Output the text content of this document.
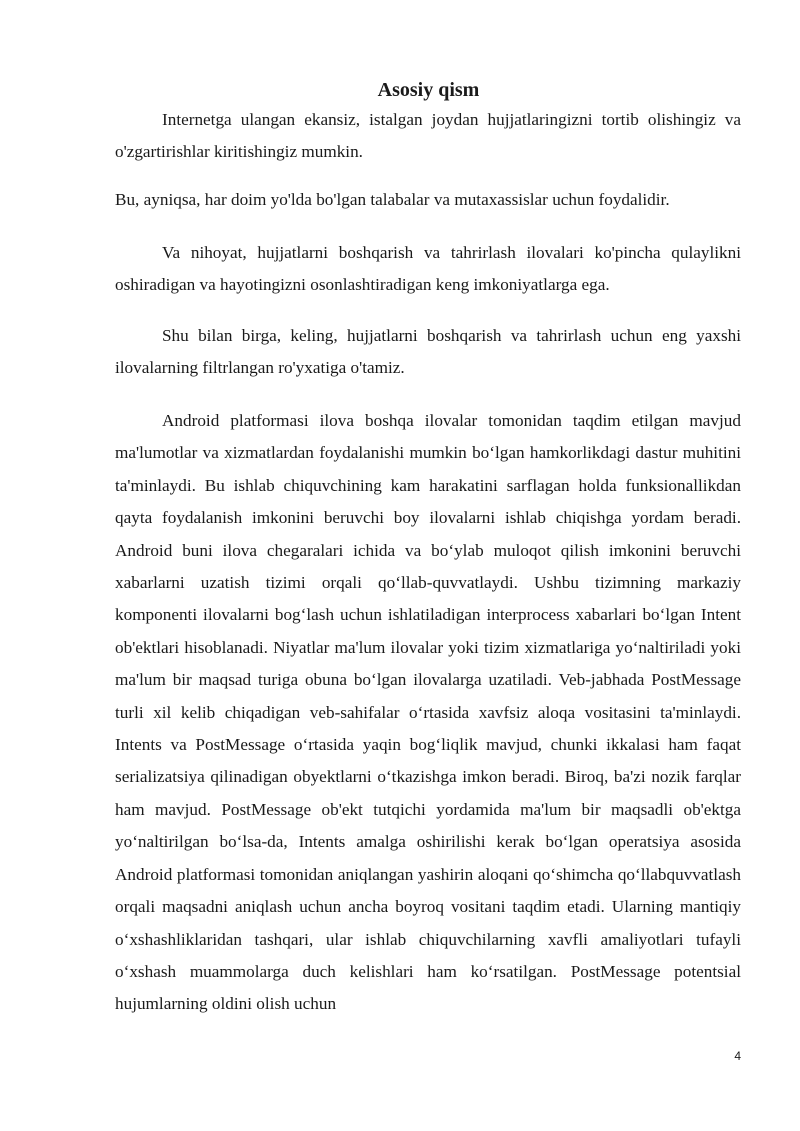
Asosiy qism

Internetga ulangan ekansiz, istalgan joydan hujjatlaringizni tortib olishingiz va o'zgartirishlar kiritishingiz mumkin.

Bu, ayniqsa, har doim yo'lda bo'lgan talabalar va mutaxassislar uchun foydalidir.

Va nihoyat, hujjatlarni boshqarish va tahrirlash ilovalari ko'pincha qulaylikni oshiradigan va hayotingizni osonlashtiradigan keng imkoniyatlarga ega.

Shu bilan birga, keling, hujjatlarni boshqarish va tahrirlash uchun eng yaxshi ilovalarning filtrlangan ro'yxatiga o'tamiz.

Android platformasi ilova boshqa ilovalar tomonidan taqdim etilgan mavjud ma'lumotlar va xizmatlardan foydalanishi mumkin bo‘lgan hamkorlikdagi dastur muhitini ta'minlaydi. Bu ishlab chiquvchining kam harakatini sarflagan holda funksionallikdan qayta foydalanish imkonini beruvchi boy ilovalarni ishlab chiqishga yordam beradi. Android buni ilova chegaralari ichida va bo‘ylab muloqot qilish imkonini beruvchi xabarlarni uzatish tizimi orqali qo‘llab-quvvatlaydi. Ushbu tizimning markaziy komponenti ilovalarni bog‘lash uchun ishlatiladigan interprocess xabarlari bo‘lgan Intent ob'ektlari hisoblanadi. Niyatlar ma'lum ilovalar yoki tizim xizmatlariga yo‘naltiriladi yoki ma'lum bir maqsad turiga obuna bo‘lgan ilovalarga uzatiladi. Veb-jabhada PostMessage turli xil kelib chiqadigan veb-sahifalar o‘rtasida xavfsiz aloqa vositasini ta'minlaydi. Intents va PostMessage o‘rtasida yaqin bog‘liqlik mavjud, chunki ikkalasi ham faqat serializatsiya qilinadigan obyektlarni o‘tkazishga imkon beradi. Biroq, ba'zi nozik farqlar ham mavjud. PostMessage ob'ekt tutqichi yordamida ma'lum bir maqsadli ob'ektga yo‘naltirilgan bo‘lsa-da, Intents amalga oshirilishi kerak bo‘lgan operatsiya asosida Android platformasi tomonidan aniqlangan yashirin aloqani qo‘shimcha qo‘llabquvvatlash orqali maqsadni aniqlash uchun ancha boyroq vositani taqdim etadi. Ularning mantiqiy o‘xshashliklaridan tashqari, ular ishlab chiquvchilarning xavfli amaliyotlari tufayli o‘xshash muammolarga duch kelishlari ham ko‘rsatilgan. PostMessage potentsial hujumlarning oldini olish uchun

4
